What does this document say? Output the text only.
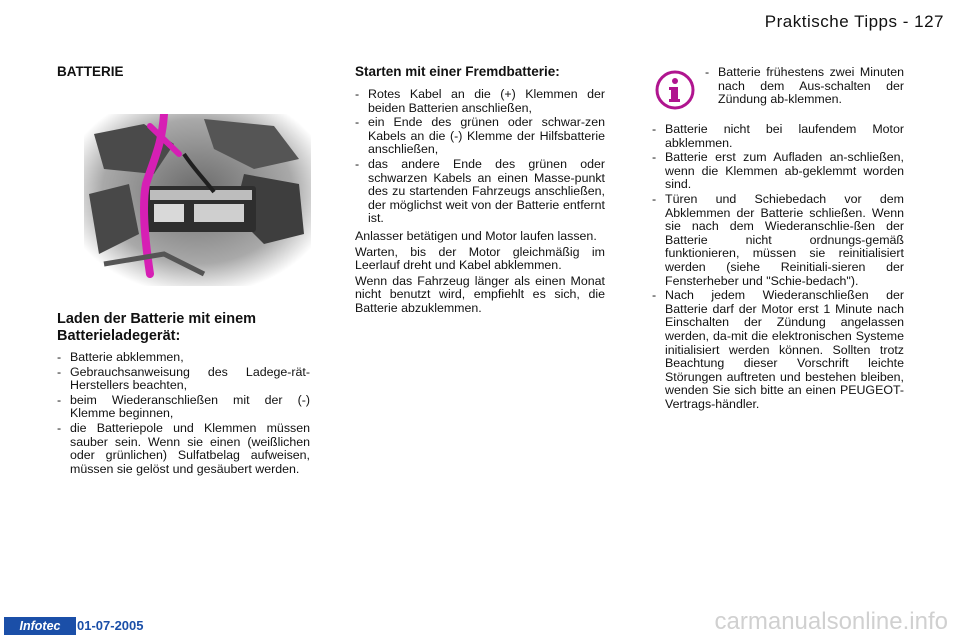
Praktische Tipps - 127
BATTERIE
Laden der Batterie mit einem Batterieladegerät:
- Batterie abklemmen,
- Gebrauchsanweisung des Ladege-rät-Herstellers beachten,
- beim Wiederanschließen mit der (-) Klemme beginnen,
- die Batteriepole und Klemmen müssen sauber sein. Wenn sie einen (weißlichen oder grünlichen) Sulfatbelag aufweisen, müssen sie gelöst und gesäubert werden.
Starten mit einer Fremdbatterie:
- Rotes Kabel an die (+) Klemmen der beiden Batterien anschließen,
- ein Ende des grünen oder schwar-zen Kabels an die (-) Klemme der Hilfsbatterie anschließen,
- das andere Ende des grünen oder schwarzen Kabels an einen Masse-punkt des zu startenden Fahrzeugs anschließen, der möglichst weit von der Batterie entfernt ist.

Anlasser betätigen und Motor laufen lassen.

Warten, bis der Motor gleichmäßig im Leerlauf dreht und Kabel abklemmen.

Wenn das Fahrzeug länger als einen Monat nicht benutzt wird, empfiehlt es sich, die Batterie abzuklemmen.

- Batterie frühestens zwei Minuten nach dem Aus-schalten der Zündung ab-klemmen.
- Batterie nicht bei laufendem Motor abklemmen.
- Batterie erst zum Aufladen an-schließen, wenn die Klemmen ab-geklemmt worden sind.
- Türen und Schiebedach vor dem Abklemmen der Batterie schließen. Wenn sie nach dem Wiederanschlie-ßen der Batterie nicht ordnungs-gemäß funktionieren, müssen sie reinitialisiert werden (siehe Reinitiali-sieren der Fensterheber und "Schie-bedach").
- Nach jedem Wiederanschließen der Batterie darf der Motor erst 1 Minute nach Einschalten der Zündung angelassen werden, da-mit die elektronischen Systeme initialisiert werden können. Sollten trotz Beachtung dieser Vorschrift leichte Störungen auftreten und bestehen bleiben, wenden Sie sich bitte an einen PEUGEOT-Vertrags-händler.
Infotec	01-07-2005	carmanualsonline.info
